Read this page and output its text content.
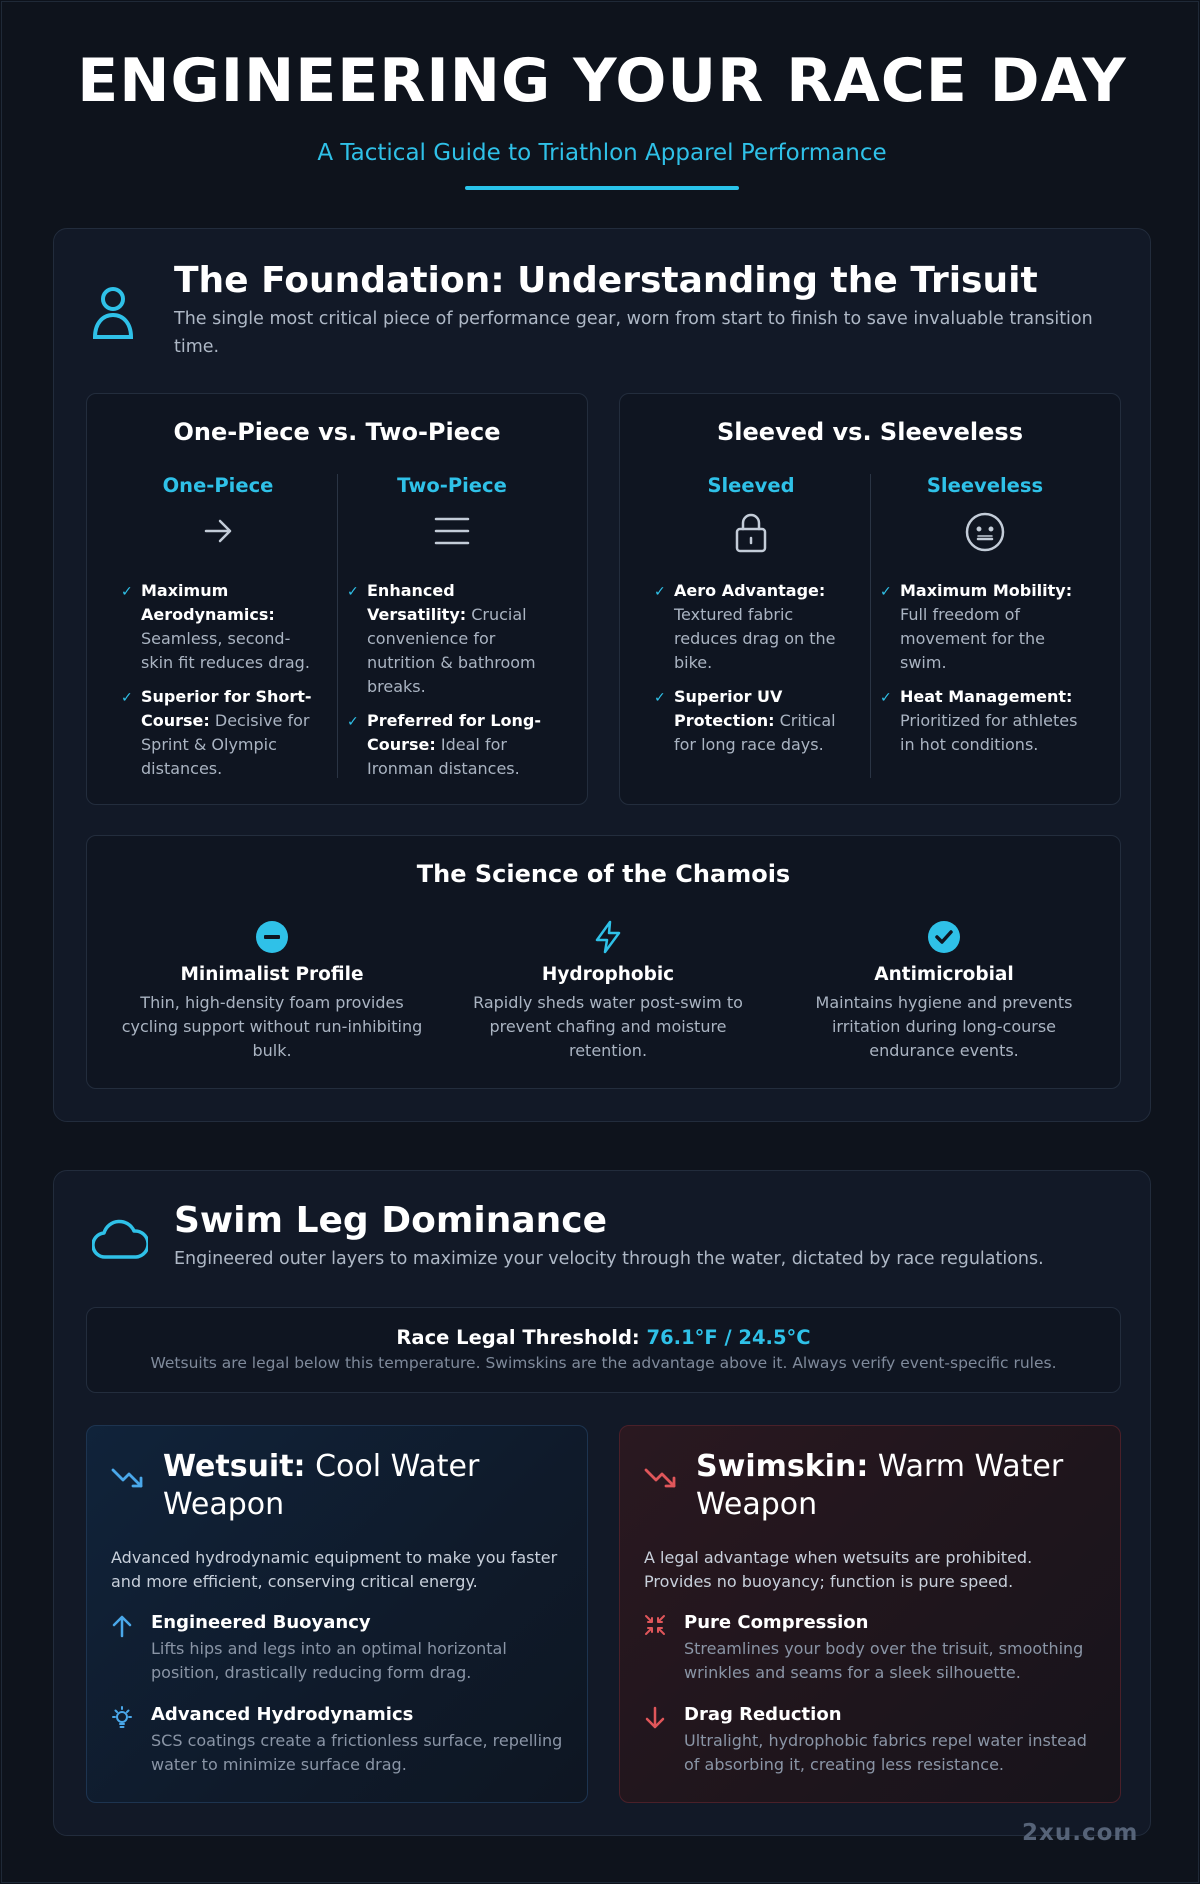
ENGINEERING YOUR RACE DAY
A Tactical Guide to Triathlon Apparel Performance
The Foundation: Understanding the Trisuit
The single most critical piece of performance gear, worn from start to finish to save invaluable transition time.
One-Piece vs. Two-Piece
One-Piece
✓ Maximum Aerodynamics: Seamless, second-skin fit reduces drag.
✓ Superior for Short-Course: Decisive for Sprint & Olympic distances.
Two-Piece
✓ Enhanced Versatility: Crucial convenience for nutrition & bathroom breaks.
✓ Preferred for Long-Course: Ideal for Ironman distances.
Sleeved vs. Sleeveless
Sleeved
✓ Aero Advantage: Textured fabric reduces drag on the bike.
✓ Superior UV Protection: Critical for long race days.
Sleeveless
✓ Maximum Mobility: Full freedom of movement for the swim.
✓ Heat Management: Prioritized for athletes in hot conditions.
The Science of the Chamois
Minimalist Profile
Thin, high-density foam provides cycling support without run-inhibiting bulk.
Hydrophobic
Rapidly sheds water post-swim to prevent chafing and moisture retention.
Antimicrobial
Maintains hygiene and prevents irritation during long-course endurance events.
Swim Leg Dominance
Engineered outer layers to maximize your velocity through the water, dictated by race regulations.
Race Legal Threshold: 76.1°F / 24.5°C
Wetsuits are legal below this temperature. Swimskins are the advantage above it. Always verify event-specific rules.
Wetsuit: Cool Water Weapon
Advanced hydrodynamic equipment to make you faster and more efficient, conserving critical energy.
Engineered Buoyancy
Lifts hips and legs into an optimal horizontal position, drastically reducing form drag.
Advanced Hydrodynamics
SCS coatings create a frictionless surface, repelling water to minimize surface drag.
Swimskin: Warm Water Weapon
A legal advantage when wetsuits are prohibited. Provides no buoyancy; function is pure speed.
Pure Compression
Streamlines your body over the trisuit, smoothing wrinkles and seams for a sleek silhouette.
Drag Reduction
Ultralight, hydrophobic fabrics repel water instead of absorbing it, creating less resistance.
2xu.com
